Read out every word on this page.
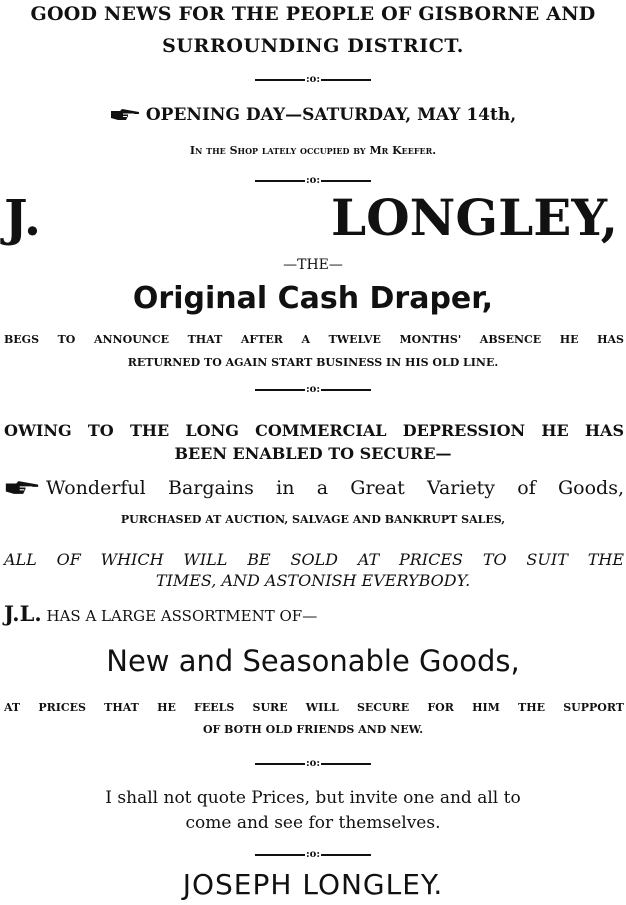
GOOD NEWS FOR THE PEOPLE OF GISBORNE AND
SURROUNDING DISTRICT.
:o:
OPENING DAY—SATURDAY, MAY 14th,
In the Shop lately occupied by Mr Keefer.
:o:
J. LONGLEY,
—THE—
Original Cash Draper,
BEGS TO ANNOUNCE THAT AFTER A TWELVE MONTHS' ABSENCE HE HAS
RETURNED TO AGAIN START BUSINESS IN HIS OLD LINE.
:o:
OWING TO THE LONG COMMERCIAL DEPRESSION HE HAS
BEEN ENABLED TO SECURE—
Wonderful Bargains in a Great Variety of Goods,
PURCHASED AT AUCTION, SALVAGE AND BANKRUPT SALES,
ALL OF WHICH WILL BE SOLD AT PRICES TO SUIT THE
TIMES, AND ASTONISH EVERYBODY.
J.L. HAS A LARGE ASSORTMENT OF—
New and Seasonable Goods,
AT PRICES THAT HE FEELS SURE WILL SECURE FOR HIM THE SUPPORT
OF BOTH OLD FRIENDS AND NEW.
:o:
I shall not quote Prices, but invite one and all to
come and see for themselves.
:o:
JOSEPH LONGLEY.
